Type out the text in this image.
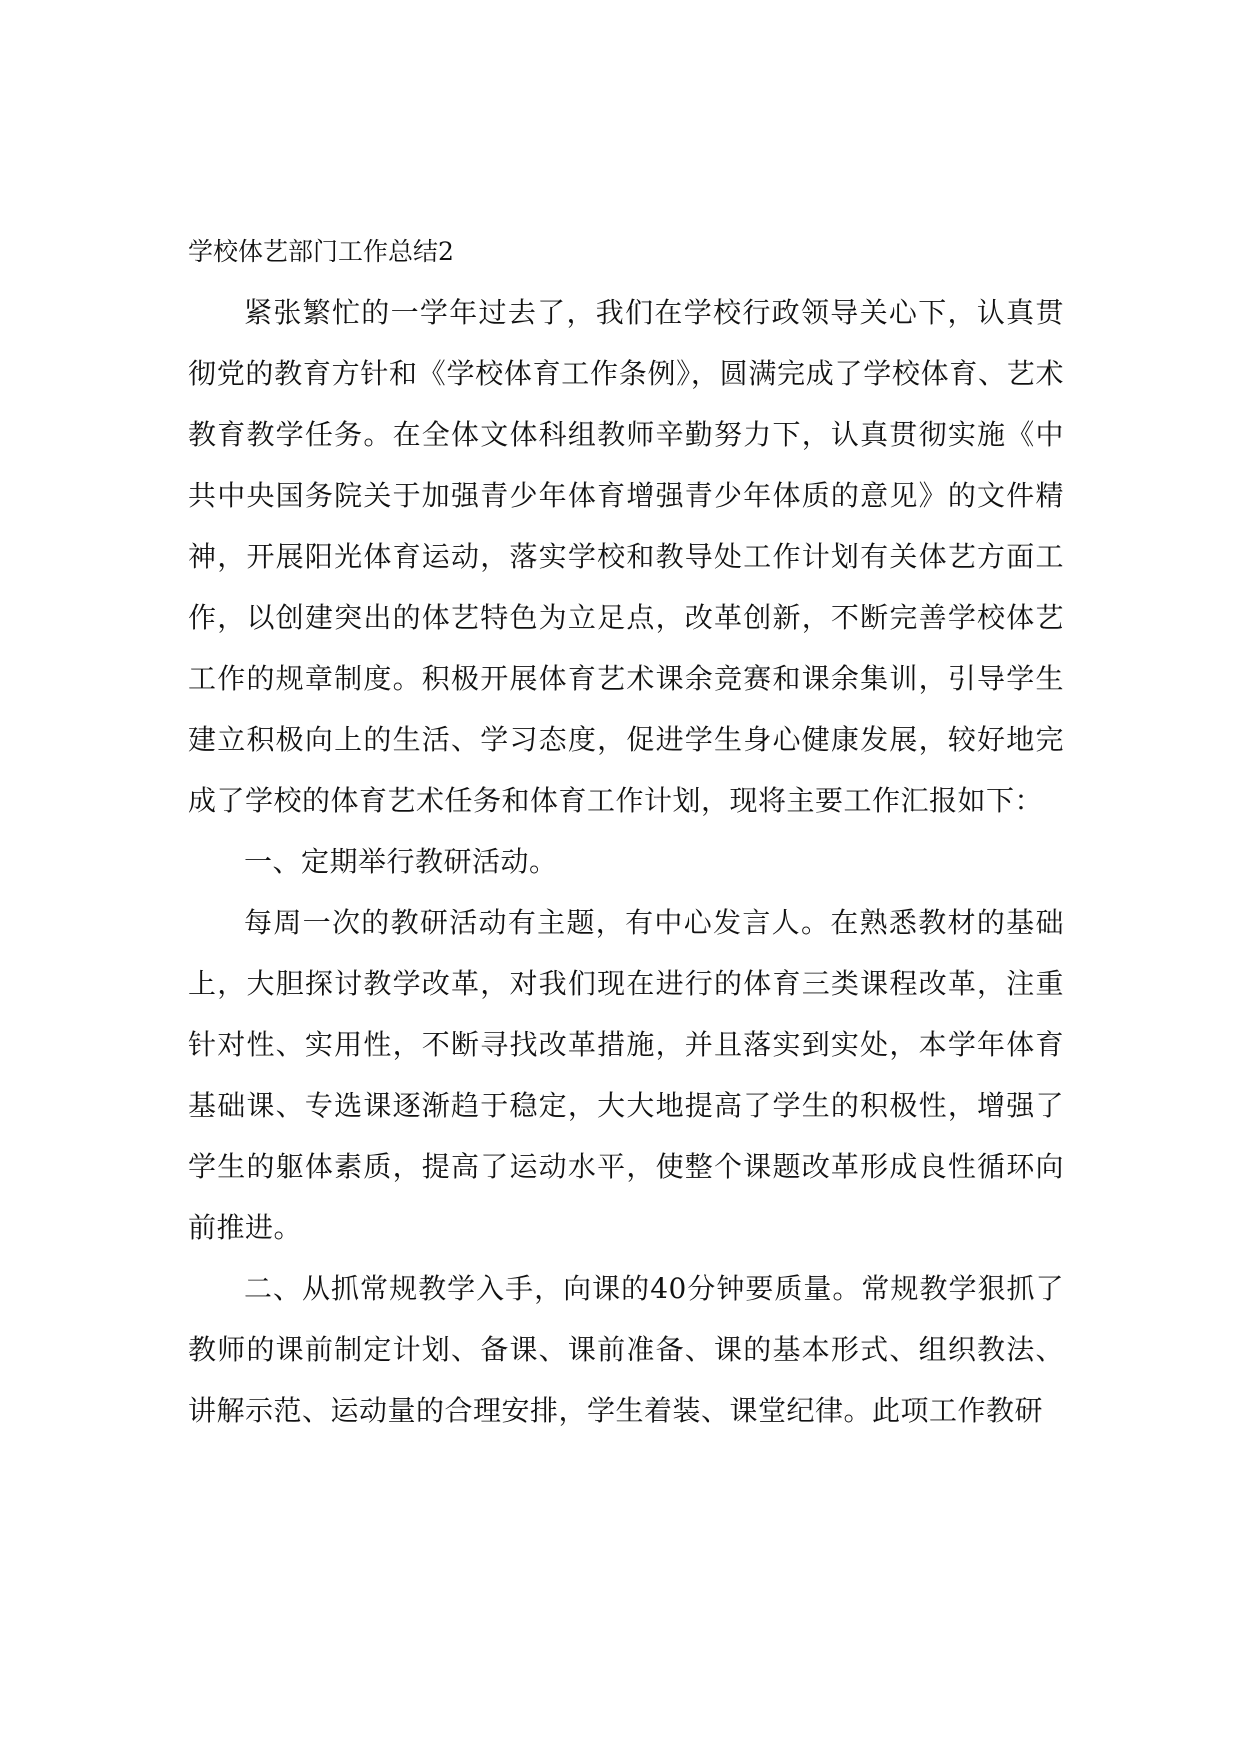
学校体艺部门工作总结2

紧张繁忙的一学年过去了，我们在学校行政领导关心下，认真贯彻党的教育方针和《学校体育工作条例》，圆满完成了学校体育、艺术教育教学任务。在全体文体科组教师辛勤努力下，认真贯彻实施《中共中央国务院关于加强青少年体育增强青少年体质的意见》的文件精神，开展阳光体育运动，落实学校和教导处工作计划有关体艺方面工作，以创建突出的体艺特色为立足点，改革创新，不断完善学校体艺工作的规章制度。积极开展体育艺术课余竞赛和课余集训，引导学生建立积极向上的生活、学习态度，促进学生身心健康发展，较好地完成了学校的体育艺术任务和体育工作计划，现将主要工作汇报如下：

一、定期举行教研活动。

每周一次的教研活动有主题，有中心发言人。在熟悉教材的基础上，大胆探讨教学改革，对我们现在进行的体育三类课程改革，注重针对性、实用性，不断寻找改革措施，并且落实到实处，本学年体育基础课、专选课逐渐趋于稳定，大大地提高了学生的积极性，增强了学生的躯体素质，提高了运动水平，使整个课题改革形成良性循环向前推进。

二、从抓常规教学入手，向课的40分钟要质量。常规教学狠抓了教师的课前制定计划、备课、课前准备、课的基本形式、组织教法、讲解示范、运动量的合理安排，学生着装、课堂纪律。此项工作教研
